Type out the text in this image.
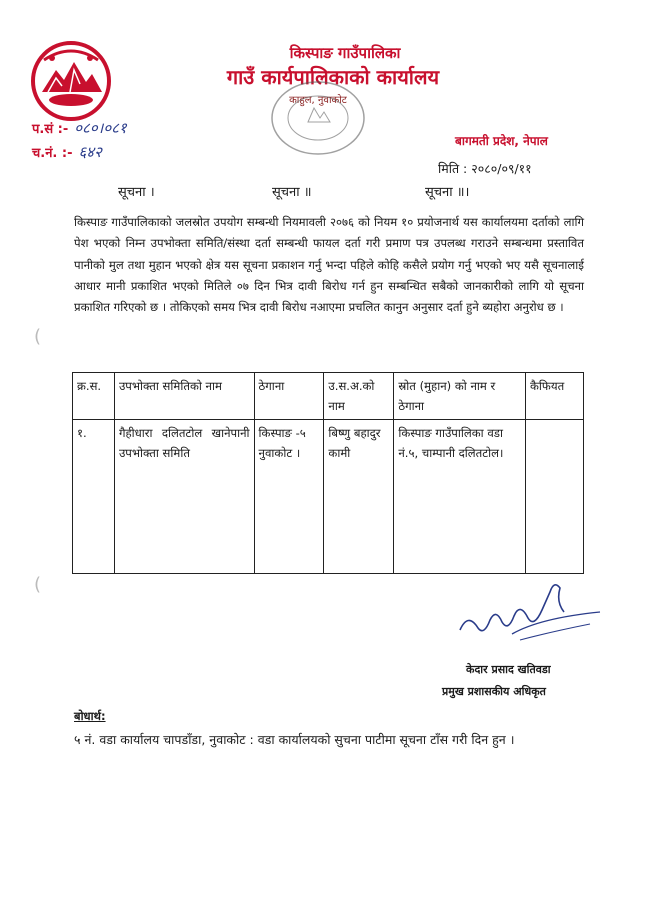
किस्पाङ गाउँपालिका
गाउँ कार्यपालिकाको कार्यालय
काहुल, नुवाकोट
प.सं :- ०८०।०८१
च.नं. :- ६४२
बागमती प्रदेश, नेपाल
मिति : २०८०/०९/११
सूचना ।	सूचना ॥	सूचना ॥।
किस्पाङ गाउँपालिकाको जलस्रोत उपयोग सम्बन्धी नियमावली २०७६ को नियम १० प्रयोजनार्थ यस कार्यालयमा दर्ताको लागि पेश भएको निम्न उपभोक्ता समिति/संस्था दर्ता सम्बन्धी फायल दर्ता गरी प्रमाण पत्र उपलब्ध गराउने सम्बन्धमा प्रस्तावित पानीको मुल तथा मुहान भएको क्षेत्र यस सूचना प्रकाशन गर्नु भन्दा पहिले कोहि कसैले प्रयोग गर्नु भएको भए यसै सूचनालाई आधार मानी प्रकाशित भएको मितिले ०७ दिन भित्र दावी बिरोध गर्न हुन सम्बन्धित सबैको जानकारीको लागि यो सूचना प्रकाशित गरिएको छ । तोकिएको समय भित्र दावी बिरोध नआएमा प्रचलित कानुन अनुसार दर्ता हुने ब्यहोरा अनुरोध छ ।
(
(
क्र.स.	उपभोक्ता समितिको नाम	ठेगाना	उ.स.अ.को नाम	स्रोत (मुहान) को नाम र ठेगाना	कैफियत
१.	गैहीधारा दलितटोल खानेपानी उपभोक्ता समिति	किस्पाङ -५ नुवाकोट ।	बिष्णु बहादुर कामी	किस्पाङ गाउँपालिका वडा नं.५, चाम्पानी दलितटोल।	
केदार प्रसाद खतिवडा
प्रमुख प्रशासकीय अधिकृत
बोधार्थ:
५ नं. वडा कार्यालय चापडाँडा, नुवाकोट : वडा कार्यालयको सुचना पाटीमा सूचना टाँस गरी दिन हुन ।
